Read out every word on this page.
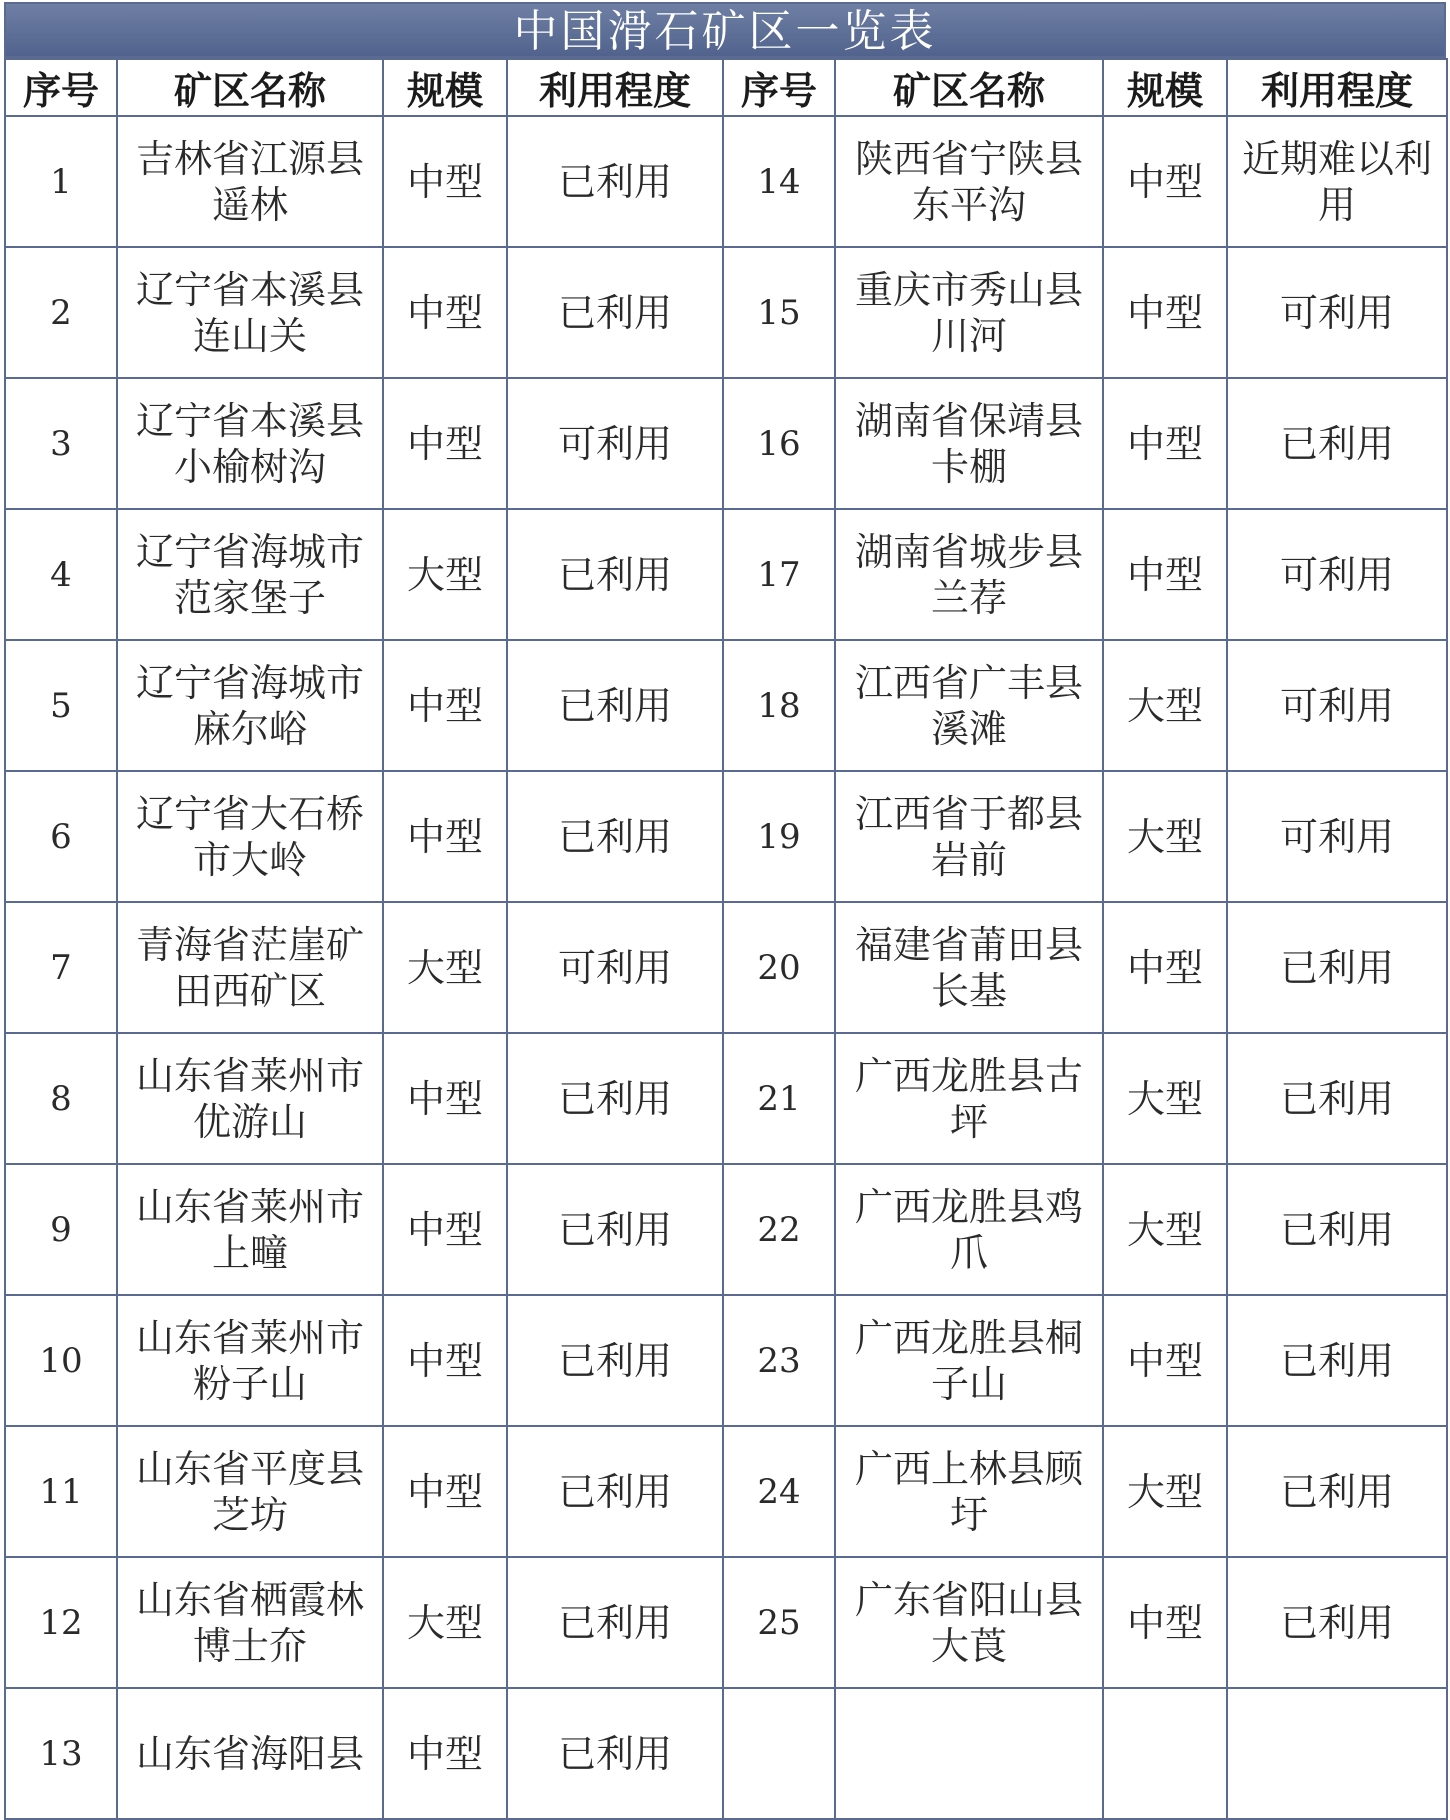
中国滑石矿区一览表
序号	矿区名称	规模	利用程度	序号	矿区名称	规模	利用程度
1	吉林省江源县遥林	中型	已利用	14	陕西省宁陕县东平沟	中型	近期难以利用
2	辽宁省本溪县连山关	中型	已利用	15	重庆市秀山县川河	中型	可利用
3	辽宁省本溪县小榆树沟	中型	可利用	16	湖南省保靖县卡棚	中型	已利用
4	辽宁省海城市范家堡子	大型	已利用	17	湖南省城步县兰荐	中型	可利用
5	辽宁省海城市麻尔峪	中型	已利用	18	江西省广丰县溪滩	大型	可利用
6	辽宁省大石桥市大岭	中型	已利用	19	江西省于都县岩前	大型	可利用
7	青海省茫崖矿田西矿区	大型	可利用	20	福建省莆田县长基	中型	已利用
8	山东省莱州市优游山	中型	已利用	21	广西龙胜县古坪	大型	已利用
9	山东省莱州市上疃	中型	已利用	22	广西龙胜县鸡爪	大型	已利用
10	山东省莱州市粉子山	中型	已利用	23	广西龙胜县桐子山	中型	已利用
11	山东省平度县芝坊	中型	已利用	24	广西上林县顾圩	大型	已利用
12	山东省栖霞林博士夼	大型	已利用	25	广东省阳山县大莨	中型	已利用
13	山东省海阳县	中型	已利用				
